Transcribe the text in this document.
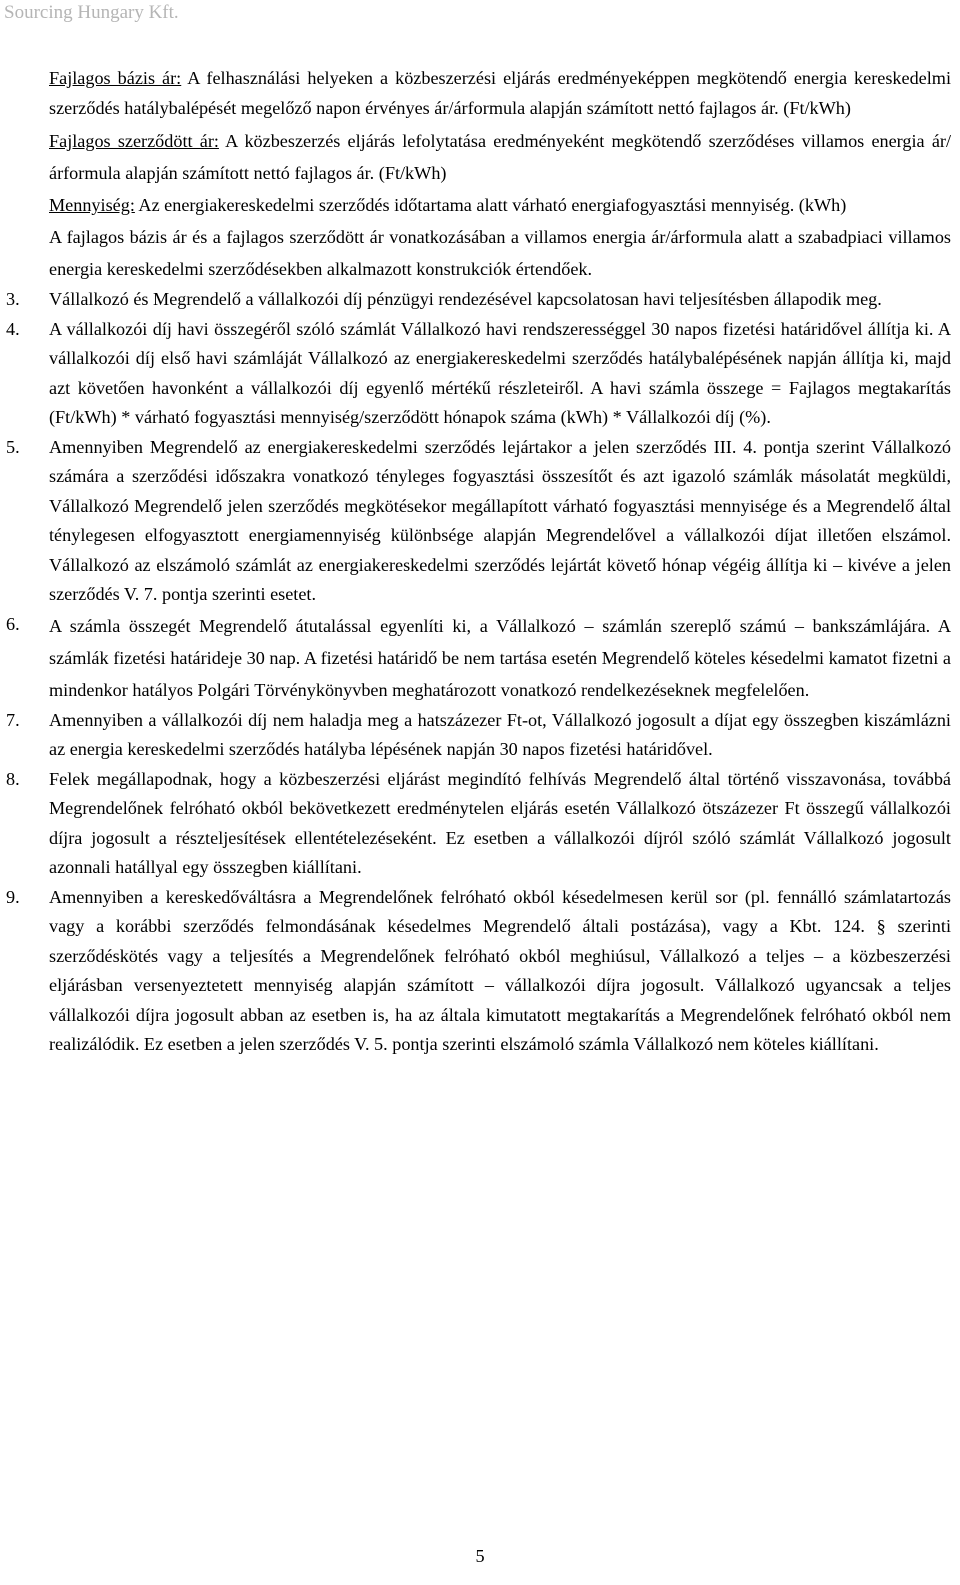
Sourcing Hungary Kft.

Fajlagos bázis ár: A felhasználási helyeken a közbeszerzési eljárás eredményeképpen megkötendő energia kereskedelmi szerződés hatálybalépését megelőző napon érvényes ár/árformula alapján számított nettó fajlagos ár. (Ft/kWh)

Fajlagos szerződött ár: A közbeszerzés eljárás lefolytatása eredményeként megkötendő szerződéses villamos energia ár/árformula alapján számított nettó fajlagos ár. (Ft/kWh)

Mennyiség: Az energiakereskedelmi szerződés időtartama alatt várható energiafogyasztási mennyiség. (kWh)

A fajlagos bázis ár és a fajlagos szerződött ár vonatkozásában a villamos energia ár/árformula alatt a szabadpiaci villamos energia kereskedelmi szerződésekben alkalmazott konstrukciók értendőek.

3. Vállalkozó és Megrendelő a vállalkozói díj pénzügyi rendezésével kapcsolatosan havi teljesítésben állapodik meg.

4. A vállalkozói díj havi összegéről szóló számlát Vállalkozó havi rendszerességgel 30 napos fizetési határidővel állítja ki. A vállalkozói díj első havi számláját Vállalkozó az energiakereskedelmi szerződés hatálybalépésének napján állítja ki, majd azt követően havonként a vállalkozói díj egyenlő mértékű részleteiről. A havi számla összege = Fajlagos megtakarítás (Ft/kWh) * várható fogyasztási mennyiség/szerződött hónapok száma (kWh) * Vállalkozói díj (%).

5. Amennyiben Megrendelő az energiakereskedelmi szerződés lejártakor a jelen szerződés III. 4. pontja szerint Vállalkozó számára a szerződési időszakra vonatkozó tényleges fogyasztási összesítőt és azt igazoló számlák másolatát megküldi, Vállalkozó Megrendelő jelen szerződés megkötésekor megállapított várható fogyasztási mennyisége és a Megrendelő által ténylegesen elfogyasztott energiamennyiség különbsége alapján Megrendelővel a vállalkozói díjat illetően elszámol. Vállalkozó az elszámoló számlát az energiakereskedelmi szerződés lejártát követő hónap végéig állítja ki – kivéve a jelen szerződés V. 7. pontja szerinti esetet.

6. A számla összegét Megrendelő átutalással egyenlíti ki, a Vállalkozó – számlán szereplő számú – bankszámlájára. A számlák fizetési határideje 30 nap. A fizetési határidő be nem tartása esetén Megrendelő köteles késedelmi kamatot fizetni a mindenkor hatályos Polgári Törvénykönyvben meghatározott vonatkozó rendelkezéseknek megfelelően.

7. Amennyiben a vállalkozói díj nem haladja meg a hatszázezer Ft-ot, Vállalkozó jogosult a díjat egy összegben kiszámlázni az energia kereskedelmi szerződés hatályba lépésének napján 30 napos fizetési határidővel.

8. Felek megállapodnak, hogy a közbeszerzési eljárást megindító felhívás Megrendelő által történő visszavonása, továbbá Megrendelőnek felróható okból bekövetkezett eredménytelen eljárás esetén Vállalkozó ötszázezer Ft összegű vállalkozói díjra jogosult a részteljesítések ellentételezéseként. Ez esetben a vállalkozói díjról szóló számlát Vállalkozó jogosult azonnali hatállyal egy összegben kiállítani.

9. Amennyiben a kereskedőváltásra a Megrendelőnek felróható okból késedelmesen kerül sor (pl. fennálló számlatartozás vagy a korábbi szerződés felmondásának késedelmes Megrendelő általi postázása), vagy a Kbt. 124. § szerinti szerződéskötés vagy a teljesítés a Megrendelőnek felróható okból meghiúsul, Vállalkozó a teljes – a közbeszerzési eljárásban versenyeztetett mennyiség alapján számított – vállalkozói díjra jogosult. Vállalkozó ugyancsak a teljes vállalkozói díjra jogosult abban az esetben is, ha az általa kimutatott megtakarítás a Megrendelőnek felróható okból nem realizálódik. Ez esetben a jelen szerződés V. 5. pontja szerinti elszámoló számla Vállalkozó nem köteles kiállítani.

5
